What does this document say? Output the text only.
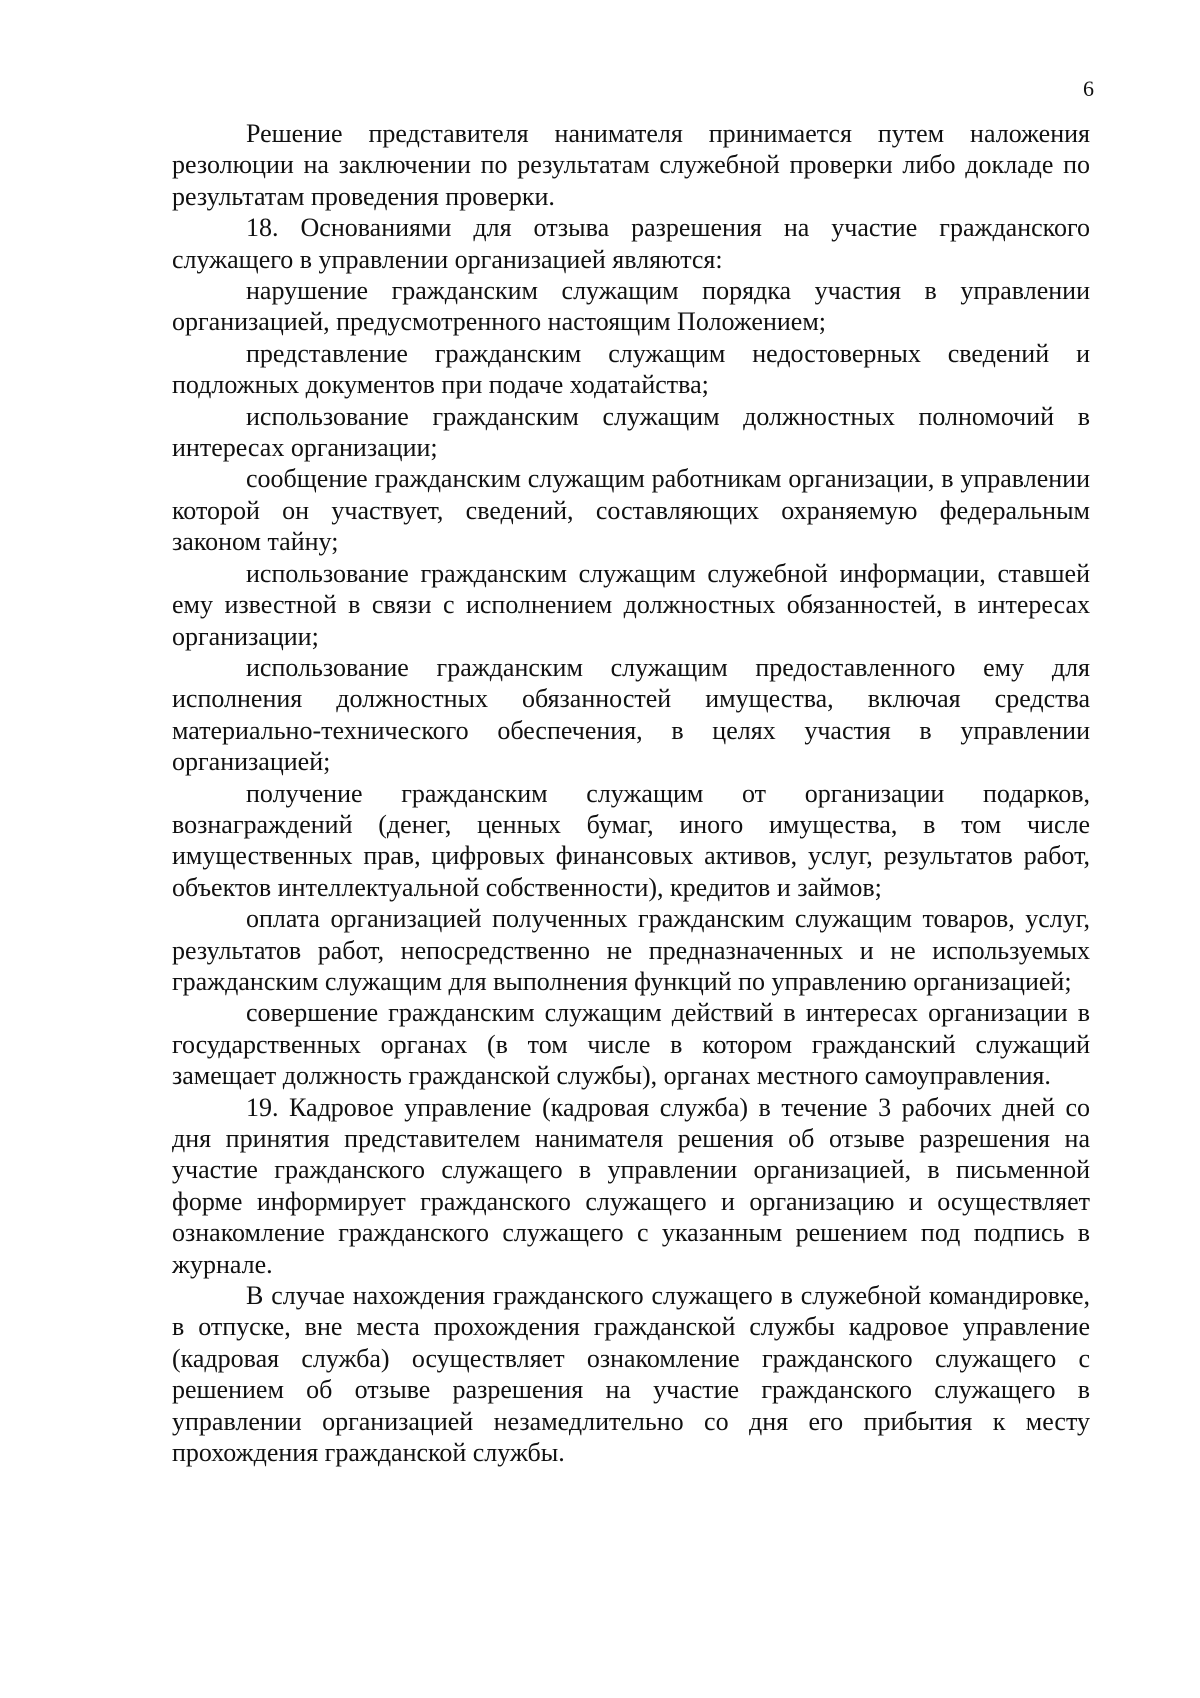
6

Решение представителя нанимателя принимается путем наложения резолюции на заключении по результатам служебной проверки либо докладе по результатам проведения проверки.

18. Основаниями для отзыва разрешения на участие гражданского служащего в управлении организацией являются:

нарушение гражданским служащим порядка участия в управлении организацией, предусмотренного настоящим Положением;

представление гражданским служащим недостоверных сведений и подложных документов при подаче ходатайства;

использование гражданским служащим должностных полномочий в интересах организации;

сообщение гражданским служащим работникам организации, в управлении которой он участвует, сведений, составляющих охраняемую федеральным законом тайну;

использование гражданским служащим служебной информации, ставшей ему известной в связи с исполнением должностных обязанностей, в интересах организации;

использование гражданским служащим предоставленного ему для исполнения должностных обязанностей имущества, включая средства материально-технического обеспечения, в целях участия в управлении организацией;

получение гражданским служащим от организации подарков, вознаграждений (денег, ценных бумаг, иного имущества, в том числе имущественных прав, цифровых финансовых активов, услуг, результатов работ, объектов интеллектуальной собственности), кредитов и займов;

оплата организацией полученных гражданским служащим товаров, услуг, результатов работ, непосредственно не предназначенных и не используемых гражданским служащим для выполнения функций по управлению организацией;

совершение гражданским служащим действий в интересах организации в государственных органах (в том числе в котором гражданский служащий замещает должность гражданской службы), органах местного самоуправления.

19. Кадровое управление (кадровая служба) в течение 3 рабочих дней со дня принятия представителем нанимателя решения об отзыве разрешения на участие гражданского служащего в управлении организацией, в письменной форме информирует гражданского служащего и организацию и осуществляет ознакомление гражданского служащего с указанным решением под подпись в журнале.

В случае нахождения гражданского служащего в служебной командировке, в отпуске, вне места прохождения гражданской службы кадровое управление (кадровая служба) осуществляет ознакомление гражданского служащего с решением об отзыве разрешения на участие гражданского служащего в управлении организацией незамедлительно со дня его прибытия к месту прохождения гражданской службы.
